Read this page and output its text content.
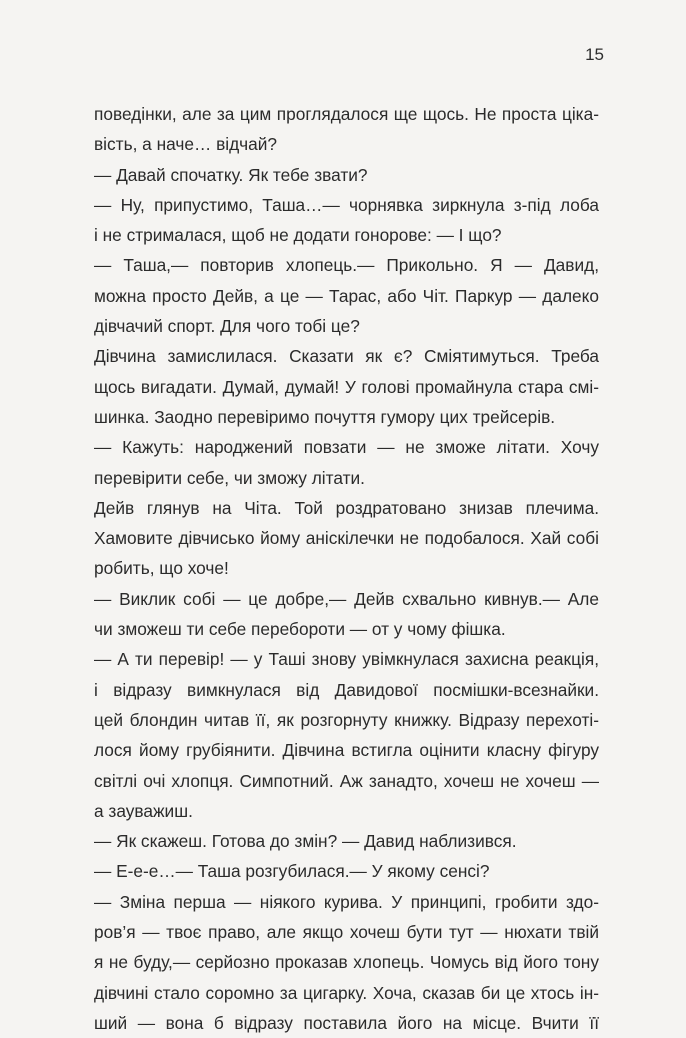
15
поведінки, але за цим проглядалося ще щось. Не проста ціка-
вість, а наче… відчай?
— Давай спочатку. Як тебе звати?
— Ну, припустимо, Таша…— чорнявка зиркнула з-під лоба
і не стрималася, щоб не додати гонорове: — І що?
— Таша,— повторив хлопець.— Прикольно. Я — Давид,
можна просто Дейв, а це — Тарас, або Чіт. Паркур — далеко
дівчачий спорт. Для чого тобі це?
Дівчина замислилася. Сказати як є? Сміятимуться. Треба
щось вигадати. Думай, думай! У голові промайнула стара смі-
шинка. Заодно перевіримо почуття гумору цих трейсерів.
— Кажуть: народжений повзати — не зможе літати. Хочу
перевірити себе, чи зможу літати.
Дейв глянув на Чіта. Той роздратовано знизав плечима.
Хамовите дівчисько йому аніскілечки не подобалося. Хай собі
робить, що хоче!
— Виклик собі — це добре,— Дейв схвально кивнув.— Але
чи зможеш ти себе перебороти — от у чому фішка.
— А ти перевір! — у Таші знову увімкнулася захисна реакція,
і відразу вимкнулася від Давидової посмішки-всезнайки.
цей блондин читав її, як розгорнуту книжку. Відразу перехоті-
лося йому грубіянити. Дівчина встигла оцінити класну фігуру
світлі очі хлопця. Симпотний. Аж занадто, хочеш не хочеш —
а зауважиш.
— Як скажеш. Готова до змін? — Давид наблизився.
— Е-е-е…— Таша розгубилася.— У якому сенсі?
— Зміна перша — ніякого курива. У принципі, гробити здо-
ров’я — твоє право, але якщо хочеш бути тут — нюхати твій
я не буду,— серйозно проказав хлопець. Чомусь від його тону
дівчині стало соромно за цигарку. Хоча, сказав би це хтось ін-
ший — вона б відразу поставила його на місце. Вчити її
